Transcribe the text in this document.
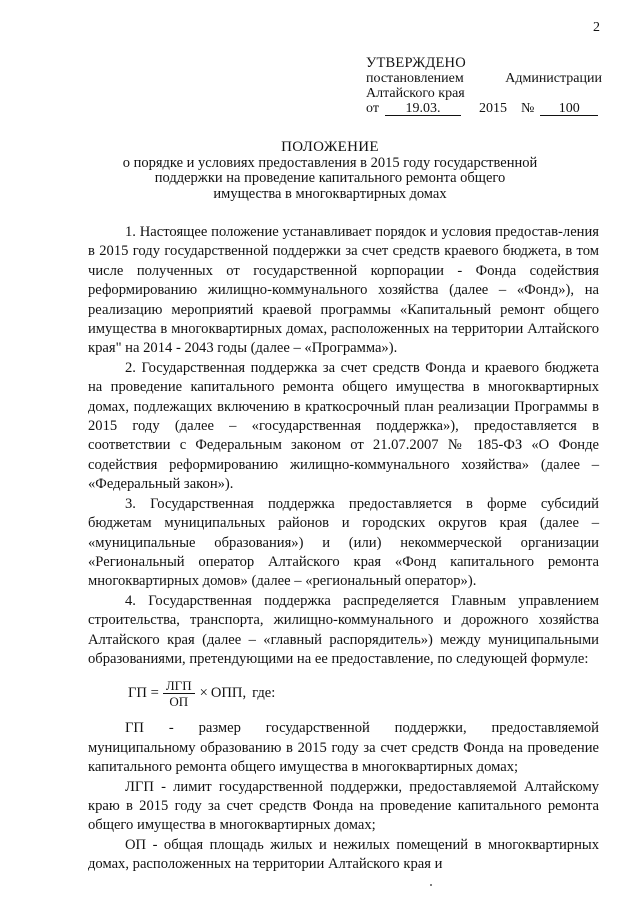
2
УТВЕРЖДЕНО
постановлением	Администрации
Алтайского края
от	19.03.	2015 №	100
ПОЛОЖЕНИЕ
о порядке и условиях предоставления в 2015 году государственной
поддержки на проведение капитального ремонта общего
имущества в многоквартирных домах

1. Настоящее положение устанавливает порядок и условия предостав-ления в 2015 году государственной поддержки за счет средств краевого бюджета, в том числе полученных от государственной корпорации - Фонда содействия реформированию жилищно-коммунального хозяйства (далее – «Фонд»), на реализацию мероприятий краевой программы «Капитальный ремонт общего имущества в многоквартирных домах, расположенных на территории Алтайского края" на 2014 - 2043 годы (далее – «Программа»).

2. Государственная поддержка за счет средств Фонда и краевого бюджета на проведение капитального ремонта общего имущества в многоквартирных домах, подлежащих включению в краткосрочный план реализации Программы в 2015 году (далее – «государственная поддержка»), предоставляется в соответствии с Федеральным законом от 21.07.2007 № 185-ФЗ «О Фонде содействия реформированию жилищно-коммунального хозяйства» (далее – «Федеральный закон»).

3. Государственная поддержка предоставляется в форме субсидий бюджетам муниципальных районов и городских округов края (далее – «муниципальные образования») и (или) некоммерческой организации «Региональный оператор Алтайского края «Фонд капитального ремонта многоквартирных домов» (далее – «региональный оператор»).

4. Государственная поддержка распределяется Главным управлением строительства, транспорта, жилищно-коммунального и дорожного хозяйства Алтайского края (далее – «главный распорядитель») между муниципальными образованиями, претендующими на ее предоставление, по следующей формуле:

ГП = $\frac{\text{ЛГП}}{ОП}$ × ОПП, где:

ГП - размер государственной поддержки, предоставляемой муниципальному образованию в 2015 году за счет средств Фонда на проведение капитального ремонта общего имущества в многоквартирных домах;

ЛГП - лимит государственной поддержки, предоставляемой Алтайскому краю в 2015 году за счет средств Фонда на проведение капитального ремонта общего имущества в многоквартирных домах;

ОП - общая площадь жилых и нежилых помещений в многоквартирных домах, расположенных на территории Алтайского края и
